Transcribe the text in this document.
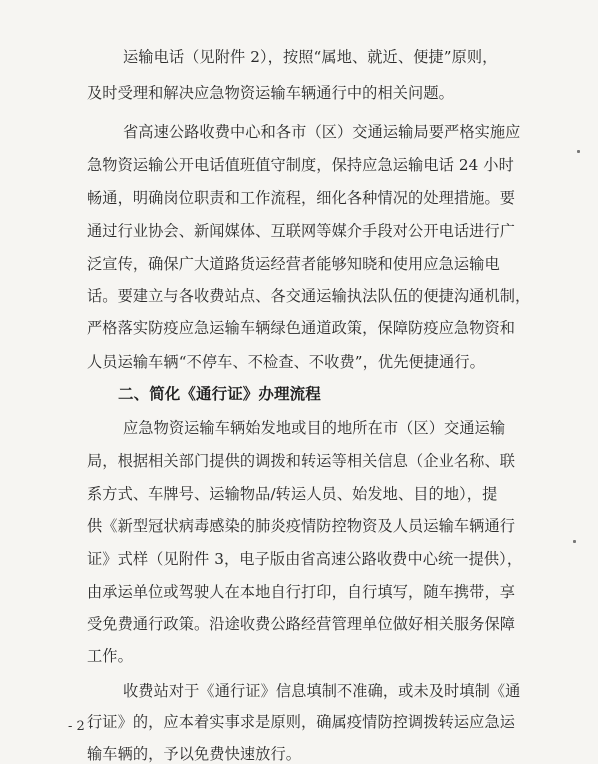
运输电话（见附件 2），按照“属地、就近、便捷”原则，
及时受理和解决应急物资运输车辆通行中的相关问题。
省高速公路收费中心和各市（区）交通运输局要严格实施应
急物资运输公开电话值班值守制度，保持应急运输电话 24 小时
畅通，明确岗位职责和工作流程，细化各种情况的处理措施。要
通过行业协会、新闻媒体、互联网等媒介手段对公开电话进行广
泛宣传，确保广大道路货运经营者能够知晓和使用应急运输电
话。要建立与各收费站点、各交通运输执法队伍的便捷沟通机制，
严格落实防疫应急运输车辆绿色通道政策，保障防疫应急物资和
人员运输车辆“不停车、不检查、不收费”，优先便捷通行。
二、简化《通行证》办理流程
应急物资运输车辆始发地或目的地所在市（区）交通运输
局，根据相关部门提供的调拨和转运等相关信息（企业名称、联
系方式、车牌号、运输物品/转运人员、始发地、目的地），提
供《新型冠状病毒感染的肺炎疫情防控物资及人员运输车辆通行
证》式样（见附件 3，电子版由省高速公路收费中心统一提供），
由承运单位或驾驶人在本地自行打印，自行填写，随车携带，享
受免费通行政策。沿途收费公路经营管理单位做好相关服务保障
工作。
收费站对于《通行证》信息填制不准确，或未及时填制《通
行证》的，应本着实事求是原则，确属疫情防控调拨转运应急运
输车辆的，予以免费快速放行。
- 2 -
